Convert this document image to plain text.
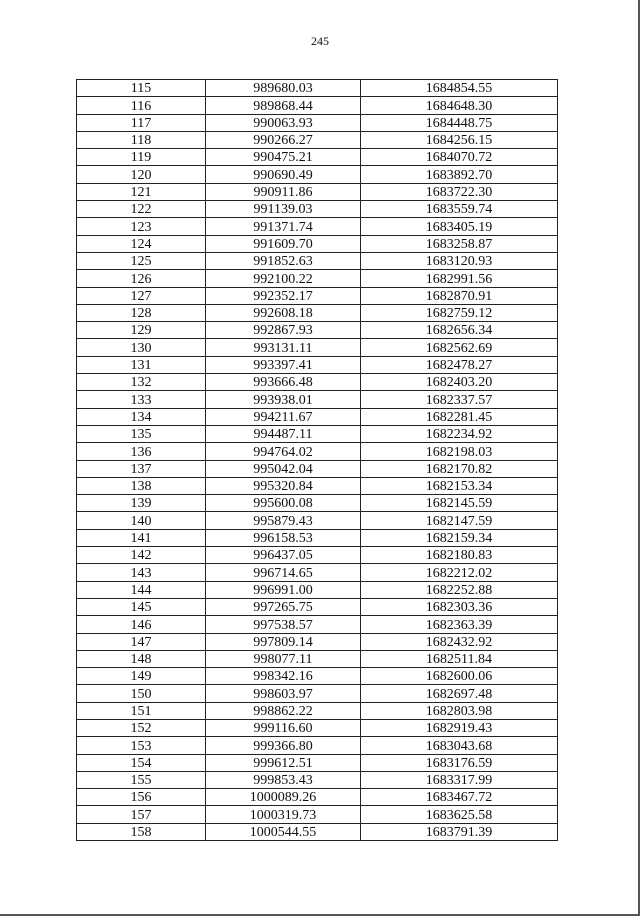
245
115	989680.03	1684854.55
116	989868.44	1684648.30
117	990063.93	1684448.75
118	990266.27	1684256.15
119	990475.21	1684070.72
120	990690.49	1683892.70
121	990911.86	1683722.30
122	991139.03	1683559.74
123	991371.74	1683405.19
124	991609.70	1683258.87
125	991852.63	1683120.93
126	992100.22	1682991.56
127	992352.17	1682870.91
128	992608.18	1682759.12
129	992867.93	1682656.34
130	993131.11	1682562.69
131	993397.41	1682478.27
132	993666.48	1682403.20
133	993938.01	1682337.57
134	994211.67	1682281.45
135	994487.11	1682234.92
136	994764.02	1682198.03
137	995042.04	1682170.82
138	995320.84	1682153.34
139	995600.08	1682145.59
140	995879.43	1682147.59
141	996158.53	1682159.34
142	996437.05	1682180.83
143	996714.65	1682212.02
144	996991.00	1682252.88
145	997265.75	1682303.36
146	997538.57	1682363.39
147	997809.14	1682432.92
148	998077.11	1682511.84
149	998342.16	1682600.06
150	998603.97	1682697.48
151	998862.22	1682803.98
152	999116.60	1682919.43
153	999366.80	1683043.68
154	999612.51	1683176.59
155	999853.43	1683317.99
156	1000089.26	1683467.72
157	1000319.73	1683625.58
158	1000544.55	1683791.39
